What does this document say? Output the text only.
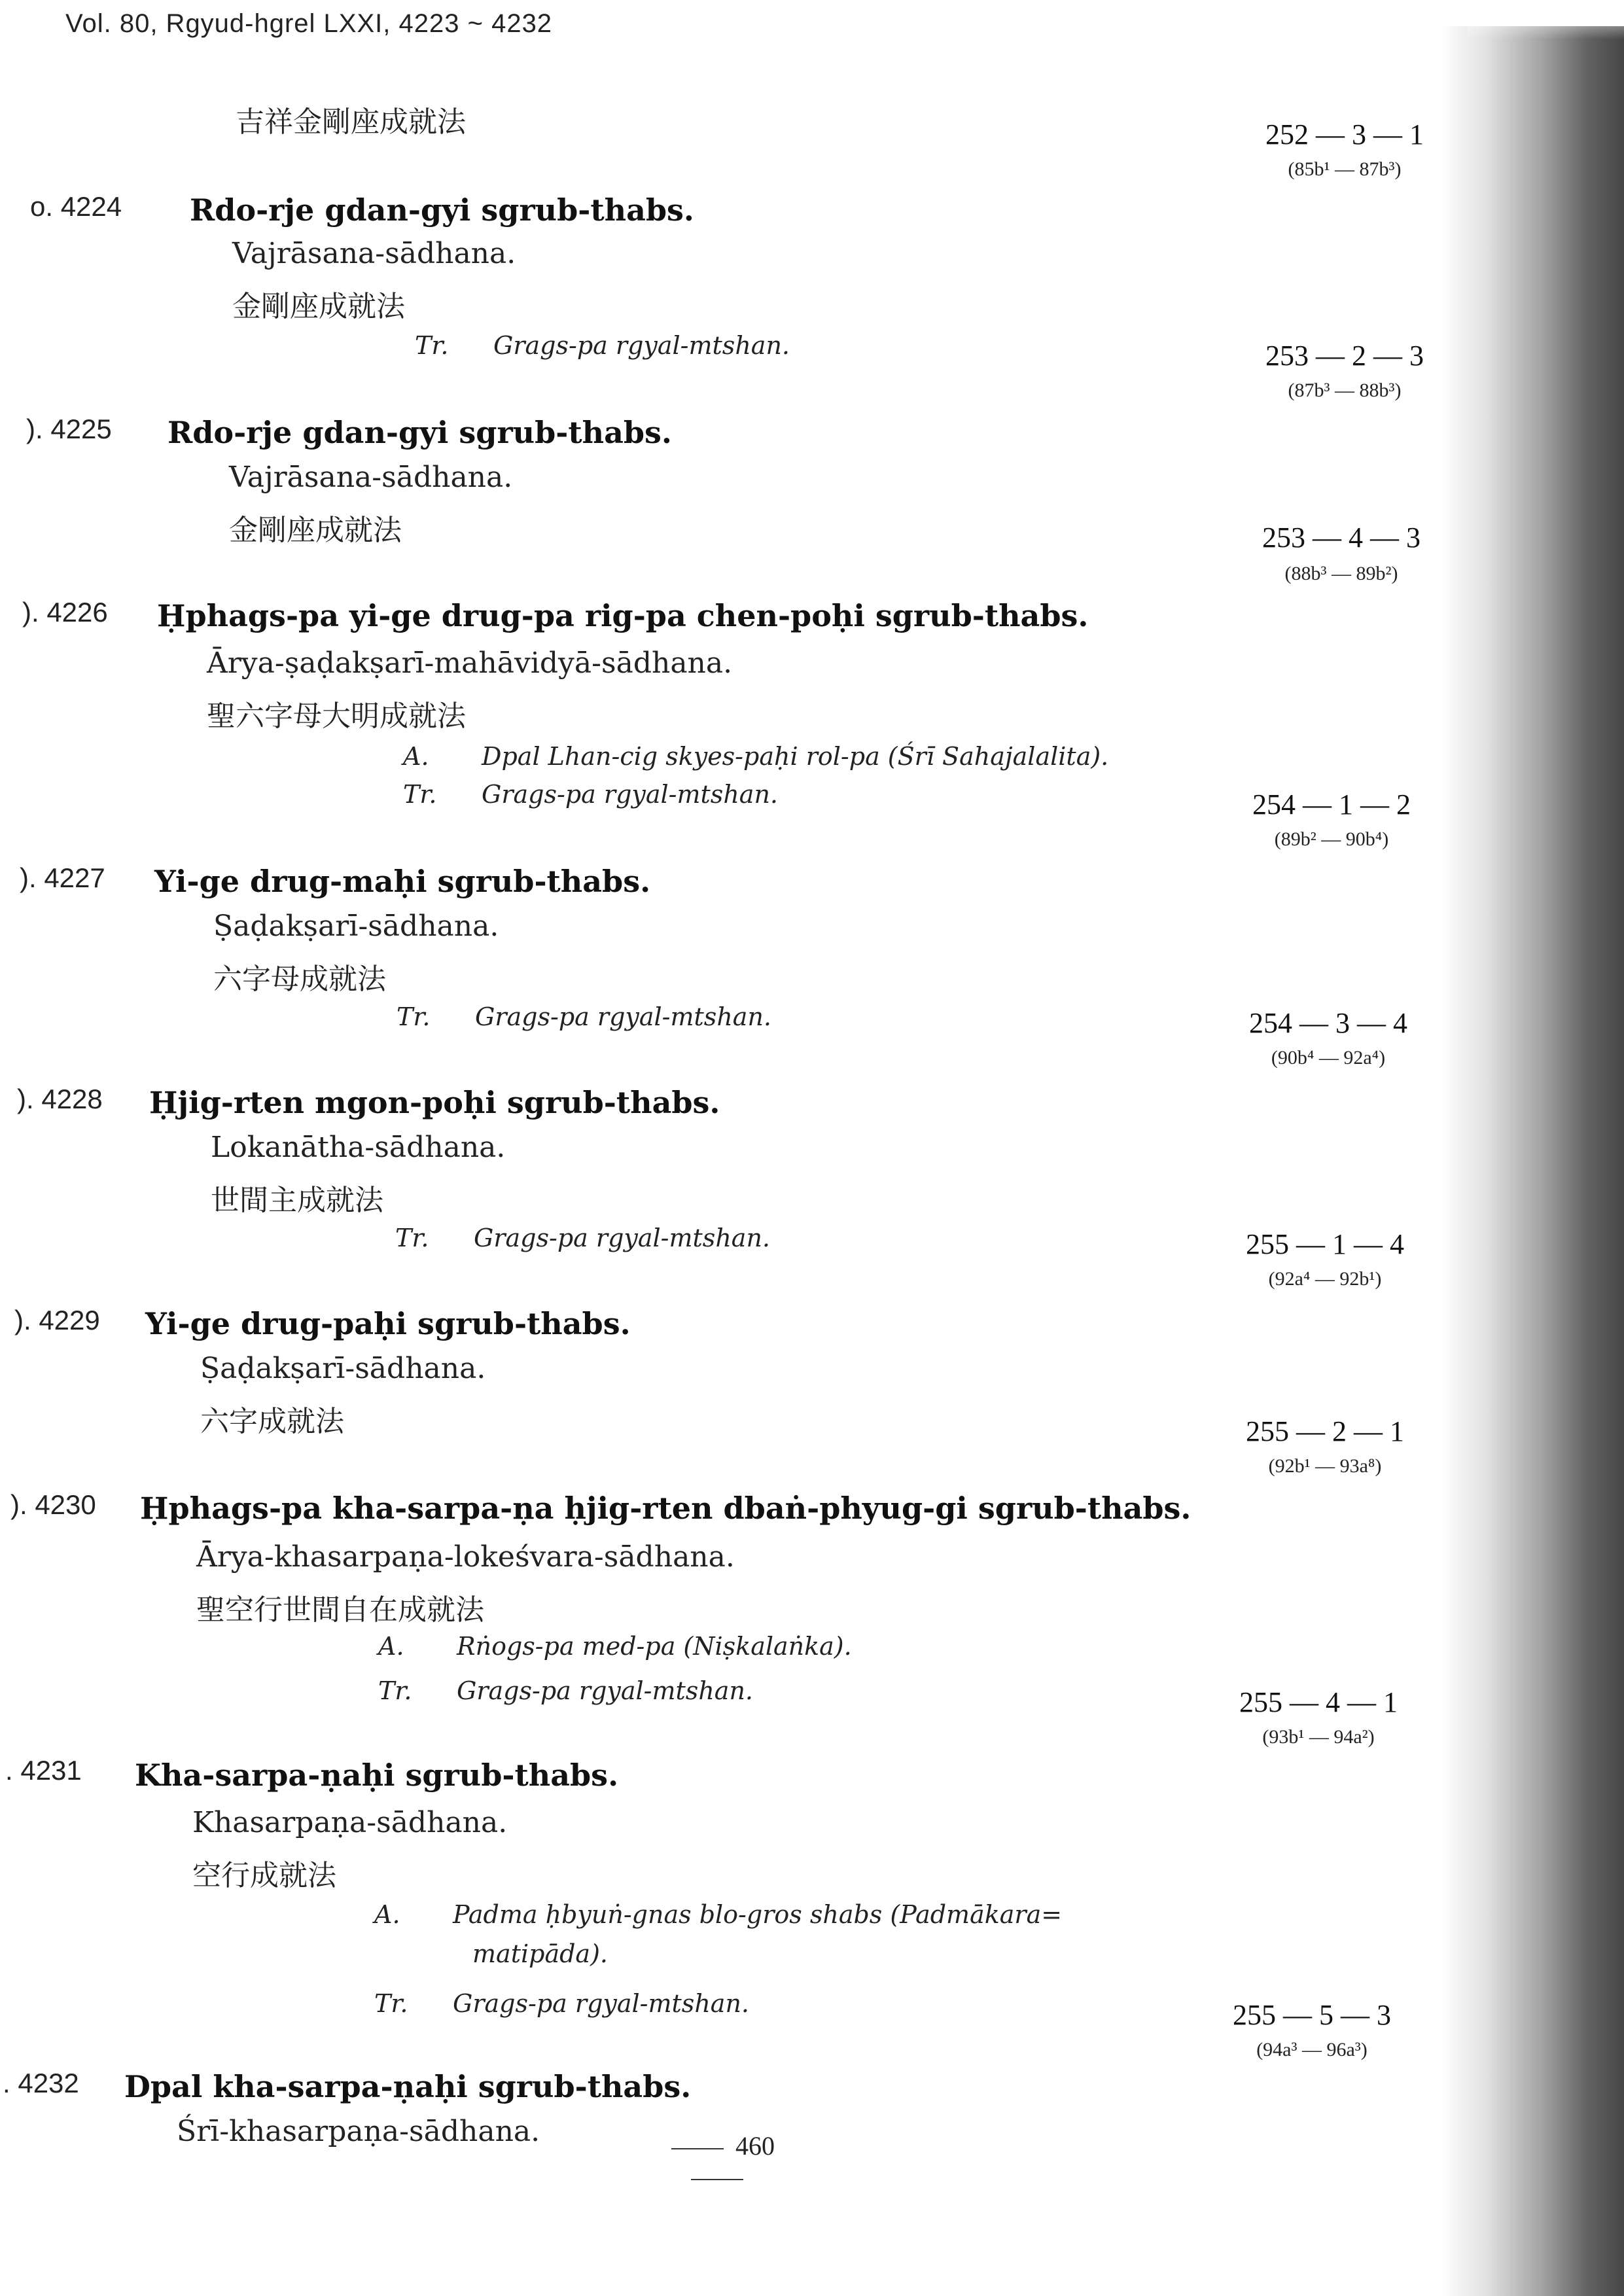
Vol. 80, Rgyud-hgrel LXXI, 4223 ~ 4232
吉祥金剛座成就法	252 — 3 — 1
(85b¹ — 87b³)
o. 4224 Rdo-rje gdan-gyi sgrub-thabs.
Vajrāsana-sādhana.
金剛座成就法
Tr. Grags-pa rgyal-mtshan.	253 — 2 — 3
(87b³ — 88b³)
). 4225 Rdo-rje gdan-gyi sgrub-thabs.
Vajrāsana-sādhana.
金剛座成就法	253 — 4 — 3
(88b³ — 89b²)
). 4226 Ḥphags-pa yi-ge drug-pa rig-pa chen-poḥi sgrub-thabs.
Ārya-ṣaḍakṣarī-mahāvidyā-sādhana.
聖六字母大明成就法
A. Dpal Lhan-cig skyes-paḥi rol-pa (Śrī Sahajalalita).
Tr. Grags-pa rgyal-mtshan.	254 — 1 — 2
(89b² — 90b⁴)
). 4227 Yi-ge drug-maḥi sgrub-thabs.
Ṣaḍakṣarī-sādhana.
六字母成就法
Tr. Grags-pa rgyal-mtshan.	254 — 3 — 4
(90b⁴ — 92a⁴)
). 4228 Ḥjig-rten mgon-poḥi sgrub-thabs.
Lokanātha-sādhana.
世間主成就法
Tr. Grags-pa rgyal-mtshan.	255 — 1 — 4
(92a⁴ — 92b¹)
). 4229 Yi-ge drug-paḥi sgrub-thabs.
Ṣaḍakṣarī-sādhana.
六字成就法	255 — 2 — 1
(92b¹ — 93a⁸)
). 4230 Ḥphags-pa kha-sarpa-ṇa ḥjig-rten dbaṅ-phyug-gi sgrub-thabs.
Ārya-khasarpaṇa-lokeśvara-sādhana.
聖空行世間自在成就法
A. Rṅogs-pa med-pa (Niṣkalaṅka).
Tr. Grags-pa rgyal-mtshan.	255 — 4 — 1
(93b¹ — 94a²)
. 4231 Kha-sarpa-ṇaḥi sgrub-thabs.
Khasarpaṇa-sādhana.
空行成就法
A. Padma ḥbyuṅ-gnas blo-gros shabs (Padmākara=
matipāda).
Tr. Grags-pa rgyal-mtshan.	255 — 5 — 3
(94a³ — 96a³)
. 4232 Dpal kha-sarpa-ṇaḥi sgrub-thabs.
Śrī-khasarpaṇa-sādhana.	460
